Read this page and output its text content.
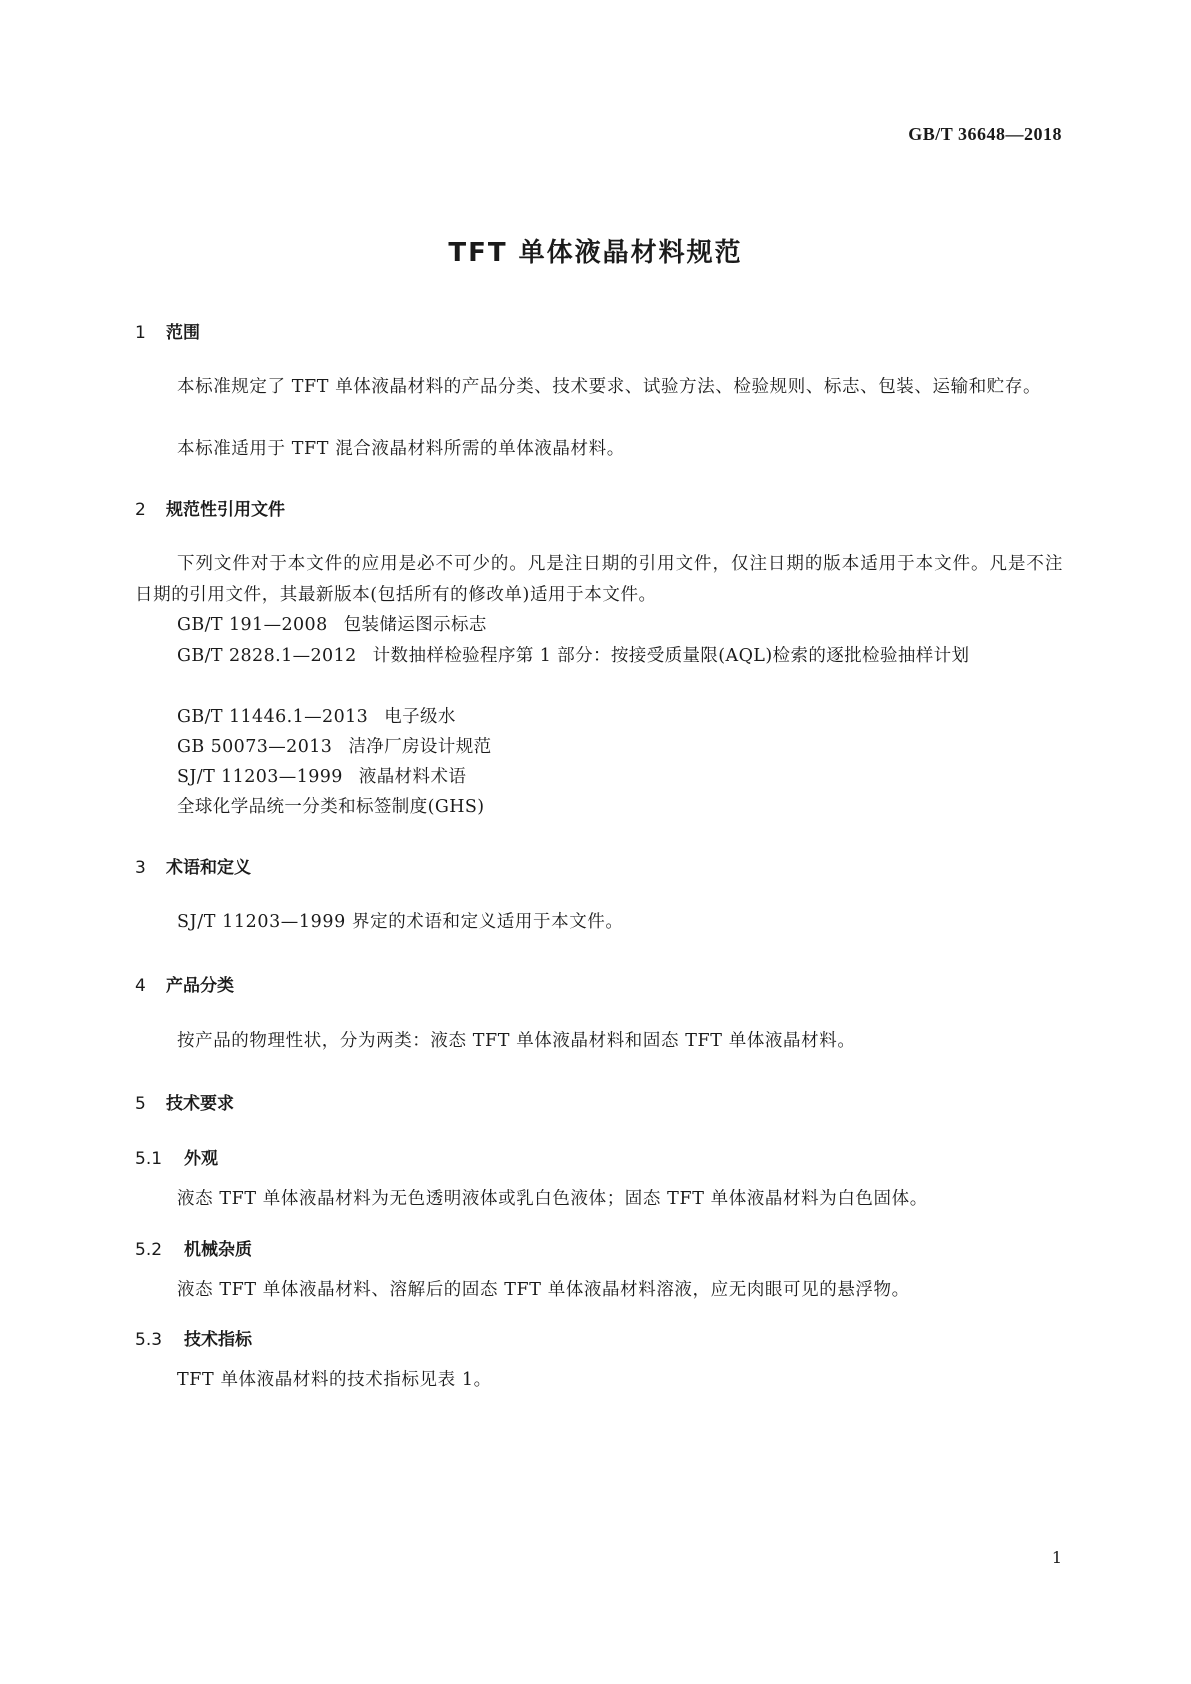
GB/T 36648—2018

TFT 单体液晶材料规范
1 范围

本标准规定了 TFT 单体液晶材料的产品分类、技术要求、试验方法、检验规则、标志、包装、运输和贮存。

本标准适用于 TFT 混合液晶材料所需的单体液晶材料。

2 规范性引用文件

下列文件对于本文件的应用是必不可少的。凡是注日期的引用文件，仅注日期的版本适用于本文件。凡是不注日期的引用文件，其最新版本(包括所有的修改单)适用于本文件。

GB/T 191—2008 包装储运图示标志

GB/T 2828.1—2012 计数抽样检验程序第 1 部分：按接受质量限(AQL)检索的逐批检验抽样计划

GB/T 11446.1—2013 电子级水

GB 50073—2013 洁净厂房设计规范

SJ/T 11203—1999 液晶材料术语

全球化学品统一分类和标签制度(GHS)

3 术语和定义

SJ/T 11203—1999 界定的术语和定义适用于本文件。

4 产品分类

按产品的物理性状，分为两类：液态 TFT 单体液晶材料和固态 TFT 单体液晶材料。

5 技术要求
5.1 外观

液态 TFT 单体液晶材料为无色透明液体或乳白色液体；固态 TFT 单体液晶材料为白色固体。

5.2 机械杂质

液态 TFT 单体液晶材料、溶解后的固态 TFT 单体液晶材料溶液，应无肉眼可见的悬浮物。

5.3 技术指标

TFT 单体液晶材料的技术指标见表 1。

1
